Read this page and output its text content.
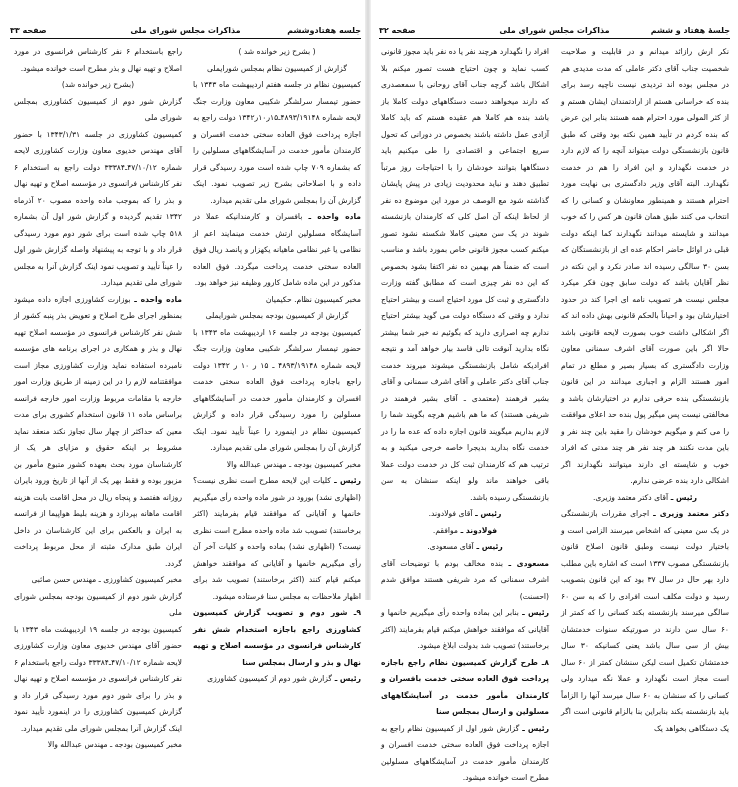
جلسه هفتادوششم
مذاکرات مجلس شورای ملی
صفحه ۳۳

( بشرح زیر خوانده شد )

گزارش از کمیسیون نظام بمجلس شورایملی

کمیسیون نظام در جلسه هفتم اردیبهشت ماه ۱۳۴۳ با حضور تیمسار سرلشگر شکیبی معاون وزارت جنگ لایحه شماره ۴۸۹۳/۱۹۱۴۸ـ۱۵ر۱۰ر۱۳۴۲ دولت راجع به اجازه پرداخت فوق العاده سختی خدمت افسران و کارمندان مأمور خدمت در آسایشگاههای مسلولین را که بشماره ۷۰۹ چاپ شده است مورد رسیدگی قرار داده و با اصلاحاتی بشرح زیر تصویب نمود. اینک گزارش آن را بمجلس شورای ملی تقدیم میدارد.

ماده واحده ـ بافسران و کارمندانیکه عملا در آسایشگاه مسلولین ارتش خدمت مینمایند اعم از نظامی یا غیر نظامی ماهیانه یکهزار و پانصد ریال فوق العاده سختی خدمت پرداخت میگردد. فوق العاده مذکور در این ماده شامل کارور وظیفه نیز خواهد بود.

مخبر کمیسیون نظام. حکیمیان

گزارش از کمیسیون بودجه بمجلس شورایملی

کمیسیون بودجه در جلسه ۱۶ اردیبهشت ماه ۱۳۴۳ با حضور تیمسار سرلشگر شکیبی معاون وزارت جنگ لایحه شماره ۴۸۹۳/۱۹۱۴۸ ـ ۱۵ ر ۱۰ ر ۱۳۴۲ دولت راجع باجازه پرداخت فوق العاده سختی خدمت افسران و کارمندان مأمور خدمت در آسایشگاههای مسلولین را مورد رسیدگی قرار داده و گزارش کمیسیون نظام در اینمورد را عیناً تأیید نمود. اینک گزارش آن را بمجلس شورای ملی تقدیم میدارد.

مخبر کمیسیون بودجه ـ مهندس عبدالله والا

رئیس ـ کلیات این لایحه مطرح است نظری نیست؟ (اظهاری نشد) بورود در شور ماده واحده رأی میگیریم خانمها و آقایانی که موافقند قیام بفرمایند (اکثر برخاستند) تصویب شد ماده واحده مطرح است نظری نیست؟ (اظهاری نشد) بماده واحده و کلیات آخر آن رأی میگیریم خانمها و آقایانی که موافقند خواهش میکنم قیام کنند (اکثر برخاستند) تصویب شد برای اظهار ملاحظات به مجلس سنا فرستاده میشود.

۹ـ شور دوم و تصویب گزارش کمیسیون کشاورزی راجع باجازه استخدام شش نفر کارشناس فرانسوی در مؤسسه اصلاح و تهیه نهال و بذر و ارسال بمجلس سنا

رئیس ـ گزارش شور دوم از کمیسیون کشاورزی

راجع باستخدام ۶ نفر کارشناس فرانسوی در مورد اصلاح و تهیه نهال و بذر مطرح است خوانده میشود.

(بشرح زیر خوانده شد)

گزارش شور دوم از کمیسیون کشاورزی بمجلس شورای ملی

کمیسیون کشاورزی در جلسه ۱۳۴۳/۱/۳۱ با حضور آقای مهندس خدیوی معاون وزارت کشاورزی لایحه شماره ۴۷/۱۰/۱۲ـ۳۳۳۸۴ دولت راجع به استخدام ۶ نفر کارشناس فرانسوی در مؤسسه اصلاح و تهیه نهال و بذر را که بموجب ماده واحده مصوب ۲۰ آذرماه ۱۳۴۲ تقدیم گردیده و گزارش شور اول آن بشماره ۵۱۸ چاپ شده است برای شور دوم مورد رسیدگی قرار داد و با توجه به پیشنهاد واصله گزارش شور اول را عیناً تأیید و تصویب نمود اینک گزارش آنرا به مجلس شورای ملی تقدیم میدارد.

ماده واحده ـ بوزارت کشاورزی اجازه داده میشود بمنظور اجرای طرح اصلاح و تعویض بذر پنبه کشور از شش نفر کارشناس فرانسوی در مؤسسه اصلاح تهیه نهال و بذر و همکاری در اجرای برنامه های مؤسسه نامبرده استفاده نماید وزارت کشاورزی مجاز است موافقتنامه لازم را در این زمینه از طریق وزارت امور خارجه با مقامات مربوط وزارت امور خارجه فرانسه براساس ماده ۱۱ قانون استخدام کشوری برای مدت معین که حداکثر از چهار سال تجاوز نکند منعقد نماید مشروط بر اینکه حقوق و مزایای هر یک از کارشناسان مورد بحث بعهده کشور متبوع مأمور بن مزبور بوده و فقط بهر یک از آنها از تاریخ ورود بایران روزانه هفتصد و پنجاه ریال در محل اقامت بابت هزینه اقامت ماهانه بپردازد و هزینه بلیط هواپیما از فرانسه به ایران و بالعکس برای این کارشناسان در داخل ایران طبق مدارک مثبته از محل مربوط پرداخت گردد.

مخبر کمیسیون کشاورزی ـ مهندس حسن صائبی

گزارش شور دوم از کمیسیون بودجه بمجلس شورای ملی

کمیسیون بودجه در جلسه ۱۹ اردیبهشت ماه ۱۳۴۳ با حضور آقای مهندس خدیوی معاون وزارت کشاورزی لایحه شماره ۴۷/۱۰/۱۲ـ۳۳۳۸۴ دولت راجع باستخدام ۶ نفر کارشناس فرانسوی در مؤسسه اصلاح و تهیه نهال و بذر را برای شور دوم مورد رسیدگی قرار داد و گزارش کمیسیون کشاورزی را در اینمورد تأیید نمود اینک گزارش آنرا بمجلس شورای ملی تقدیم میدارد.

مخبر کمیسیون بودجه ـ مهندس عبدالله والا

جلسهٔ هفتاد و ششم
مذاکرات مجلس شورای ملی
صفحه ۳۲

نکر ارش رازائد میدانم و در قابلیت و صلاحیت شخصیت جناب آقای دکتر عاملی که مدت مدیدی هم در مجلس بوده اند تردیدی نیست ناچیه رسد برای بنده که خراسانی هستم از ارادتمندان ایشان هستم و از کثر المولی مورد احترام همه هستند بنابر این عرض که بنده کردم در تأیید همین نکته بود وقتی که طبق قانون بازنشستگی دولت میتواند آنچه را که لازم دارد در خدمت نگهدارد و این افراد را هم در خدمت نگهدارد. البته آقای وزیر دادگستری بی نهایت مورد احترام هستند و همینطور معاونشان و کسانی را که انتخاب می کنند طبق همان قانون هر کس را که خوب میدانند و شایسته میدانند نگهدارند کما اینکه دولت قبلی در اوائل حاضر احکام عده ای از بازنشستگان که بسن ۳۰ سالگی رسیده اند صادر نکرد و این نکته در نظر آقایان باشد که دولت سابق چون فکر میکرد مجلس نیست هر تصویب نامه ای اجرا کند در حدود اختیارشان بود و احیاناً بالحکم قانونی بهش داده اند که اگر اشکالی داشت خوب بصورت لایحه قانونی باشد حالا اگر باین صورت آقای اشرف سمنانی معاون وزارت دادگستری که بسیار بصیر و مطلع در تمام امور هستند الزام و اجباری میدانند در این قانون بازنشستگی بنده حرفی ندارم در اختیارشان باشد و مخالفتی نیست پس میگیر پول بنده حد اعلای موافقت را می کنم و میگویم خودشان را مقید باین چند نفر و باین مدت نکنند هر چند نفر هر چند مدتی که افراد خوب و شایسته ای دارند میتوانند نگهدارند اگر اشکالی دارد بنده عرضی ندارم.

رئیس ـ آقای دکتر معتمد وزیری.

دکتر معتمد وزیری ـ اجرای مقررات بازنشستگی در یک سن معینی که اشخاص میرسند الزامی است و باختیار دولت نیست وطبق قانون اصلاح قانون بازنشستگی مصوب ۱۳۳۷ است که اشاره باین مطلب دارد بهر حال در سال ۳۷ بود که این قانون بتصویب رسید و دولت مکلف است افرادی را که به سن ۶۰ سالگی میرسند بازنشسته بکند کسانی را که کمتر از ۶۰ سال سن دارند در صورتیکه سنوات خدمتشان بیش از سی سال باشد یعنی کسانیکه ۳۰ سال خدمتشان تکمیل است لیکن سنشان کمتر از ۶۰ سال است مجاز است نگهدارد و عملا نگه میدارد ولی کسانی را که سنشان به ۶۰ سال میرسد آنها را الزاماً باید بازنشسته بکند بنابراین بنا بالزام قانونی است اگر یک دستگاهی بخواهد یک

افراد را نگهدارد هرچند نفر یا ده نفر باید مجوز قانونی کسب نماید و چون احتیاج هست تصور میکنم بلا اشکال باشد گرچه جناب آقای روحانی با سمعصدری که دارند میخواهند دست دستگاههای دولت کاملا باز باشد بنده هم کاملا هم عقیده هستم که باید کاملا آزادی عمل داشته باشند بخصوص در دورانی که تحول سریع اجتماعی و اقتصادی را طی میکنیم باید دستگاهها بتوانند خودشان را با احتیاجات روز مرتباً تطبیق دهند و نباید محدودیت زیادی در پیش پایشان گذاشته شود مع الوصف در مورد این موضوع ده نفر از لحاظ اینکه آن اصل کلی که کارمندان بازنشسته شوند در یک سن معینی کاملا شکسته نشود تصور میکنم کسب مجوز قانونی خاص بمورد باشد و مناسب است که ضمناً هم بهمین ده نفر اکتفا بشود بخصوص که این ده نفر چیزی است که مطابق گفته وزارت دادگستری و ثبت کل مورد احتیاج است و بیشتر احتیاج ندارد و وقتی که دستگاه دولت می گوید بیشتر احتیاج ندارم چه اصراری دارید که بگوئیم نه خیر شما بیشتر نگاه بدارید آنوقت تالی فاسد بیار خواهد آمد و نتیجه افرادیکه شامل بازنشستگی میشوند میروند خدمت جناب آقای دکتر عاملی و آقای اشرف سمنانی و آقای بشیر فرهمند (معتمدی ـ آقای بشیر فرهمند در شریفی هستند) که ما هم باشیم هرچه بگویند شما را لازم بداریم میگویند قانون اجازه داده که عده ما را در خدمت نگاه بدارید بدیجرا خاصه خرجی میکنید و به ترتیب هم که کارمندان ثبت کل در خدمت دولت عملا باقی خواهند ماند ولو اینکه سنشان به سن بازنشستگی رسیده باشد.

رئیس ـ آقای فولادوند.

فولادوند ـ موافقم.

رئیس ـ آقای مسعودی.

مسعودی ـ بنده مخالف بودم با توضیحات آقای اشرف سمنانی که مرد شریفی هستند موافق شدم (احسنت)

رئیس ـ بنابر این بماده واحده رأی میگیریم خانمها و آقایانی که موافقند خواهش میکنم قیام بفرمایند (اکثر برخاستند) تصویب شد بدولت ابلاغ میشود.

۸ـ طرح گزارش کمیسیون نظام راجع باجازه پرداخت فوق العاده سختی خدمت بافسران و کارمندان مأمور خدمت در آسایشگاههای مسلولین و ارسال بمجلس سنا

رئیس ـ گزارش شور اول از کمیسیون نظام راجع به اجازه پرداخت فوق العاده سختی خدمت افسران و کارمندان مأمور خدمت در آسایشگاههای مسلولین مطرح است خوانده میشود.
